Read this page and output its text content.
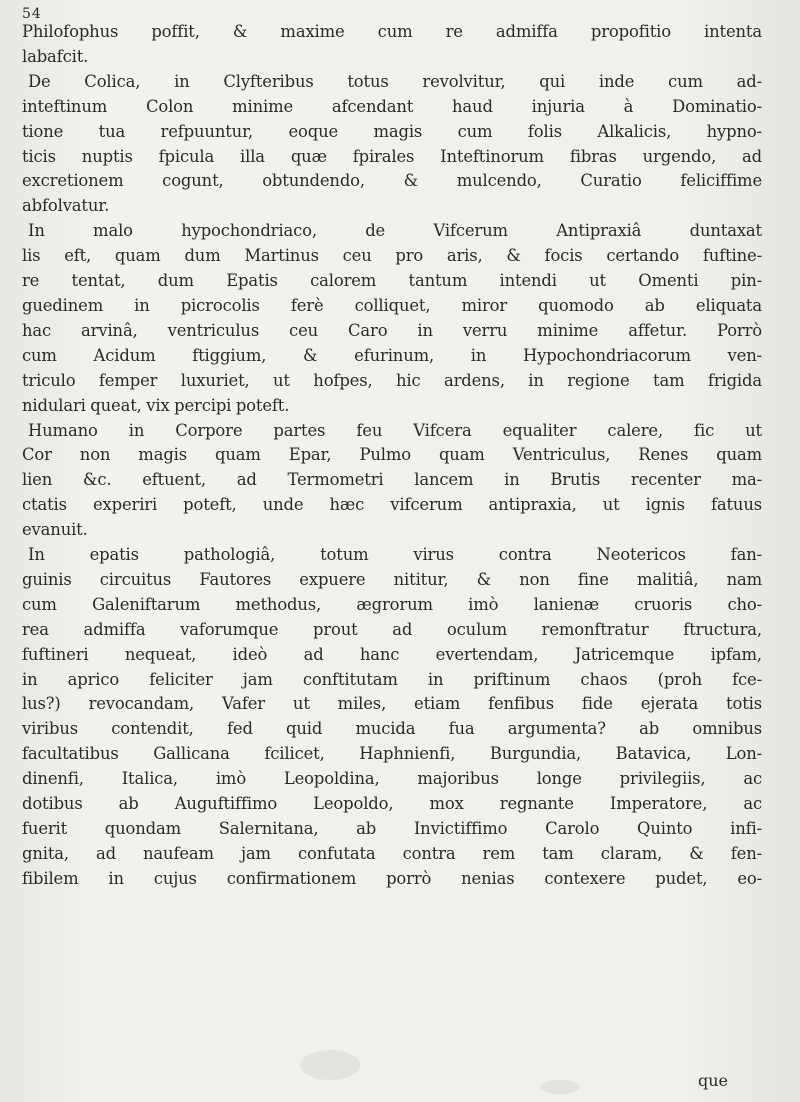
54
Philofophus poffit, & maxime cum re admiffa propofitio intenta
labafcit.
De Colica, in Clyfteribus totus revolvitur, qui inde cum ad-
inteftinum Colon minime afcendant haud injuria à Dominatio-
tione tua refpuuntur, eoque magis cum folis Alkalicis, hypno-
ticis nuptis fpicula illa quæ fpirales Inteftinorum fibras urgendo, ad
excretionem cogunt, obtundendo, & mulcendo, Curatio feliciffime
abfolvatur.
In malo hypochondriaco, de Vifcerum Antipraxiâ duntaxat
lis eft, quam dum Martinus ceu pro aris, & focis certando fuftine-
re tentat, dum Epatis calorem tantum intendi ut Omenti pin-
guedinem in picrocolis ferè colliquet, miror quomodo ab eliquata
hac arvinâ, ventriculus ceu Caro in verru minime affetur. Porrò
cum Acidum ftiggium, & efurinum, in Hypochondriacorum ven-
triculo femper luxuriet, ut hofpes, hic ardens, in regione tam frigida
nidulari queat, vix percipi poteft.
Humano in Corpore partes feu Vifcera equaliter calere, fic ut
Cor non magis quam Epar, Pulmo quam Ventriculus, Renes quam
lien &c. eftuent, ad Termometri lancem in Brutis recenter ma-
ctatis experiri poteft, unde hæc vifcerum antipraxia, ut ignis fatuus
evanuit.
In epatis pathologiâ, totum virus contra Neotericos fan-
guinis circuitus Fautores expuere nititur, & non fine malitiâ, nam
cum Galeniftarum methodus, ægrorum imò lanienæ cruoris cho-
rea admiffa vaforumque prout ad oculum remonftratur ftructura,
fuftineri nequeat, ideò ad hanc evertendam, Jatricemque ipfam,
in aprico feliciter jam conftitutam in priftinum chaos (proh fce-
lus?) revocandam, Vafer ut miles, etiam fenfibus fide ejerata totis
viribus contendit, fed quid mucida fua argumenta? ab omnibus
facultatibus Gallicana fcilicet, Haphnienfi, Burgundia, Batavica, Lon-
dinenfi, Italica, imò Leopoldina, majoribus longe privilegiis, ac
dotibus ab Auguftiffimo Leopoldo, mox regnante Imperatore, ac
fuerit quondam Salernitana, ab Invictiffimo Carolo Quinto infi-
gnita, ad naufeam jam confutata contra rem tam claram, & fen-
fibilem in cujus confirmationem porrò nenias contexere pudet, eo-
que
